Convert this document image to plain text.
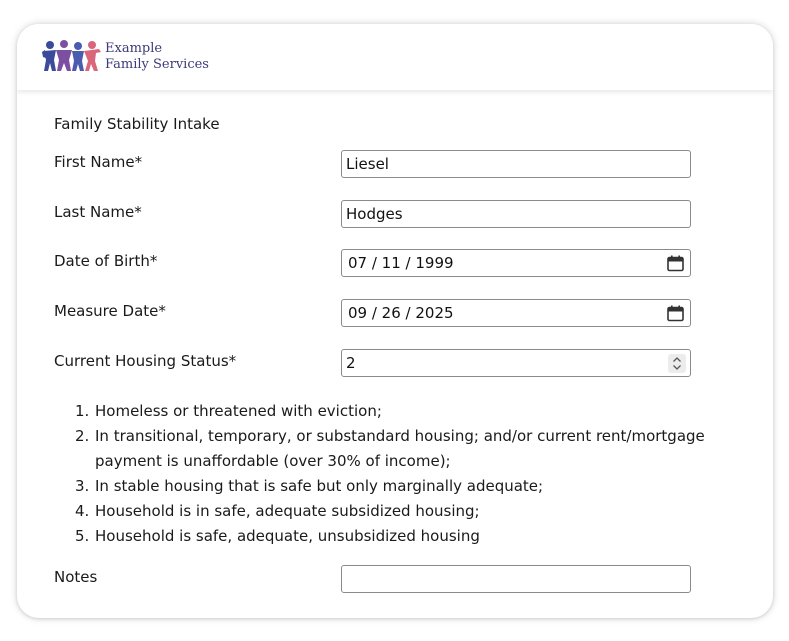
Example
Family Services
Family Stability Intake
First Name*	Liesel
Last Name*	Hodges
Date of Birth*	07 / 11 / 1999
Measure Date*	09 / 26 / 2025
Current Housing Status*	2
1. Homeless or threatened with eviction;
2. In transitional, temporary, or substandard housing; and/or current rent/mortgage payment is unaffordable (over 30% of income);
3. In stable housing that is safe but only marginally adequate;
4. Household is in safe, adequate subsidized housing;
5. Household is safe, adequate, unsubsidized housing
Notes
